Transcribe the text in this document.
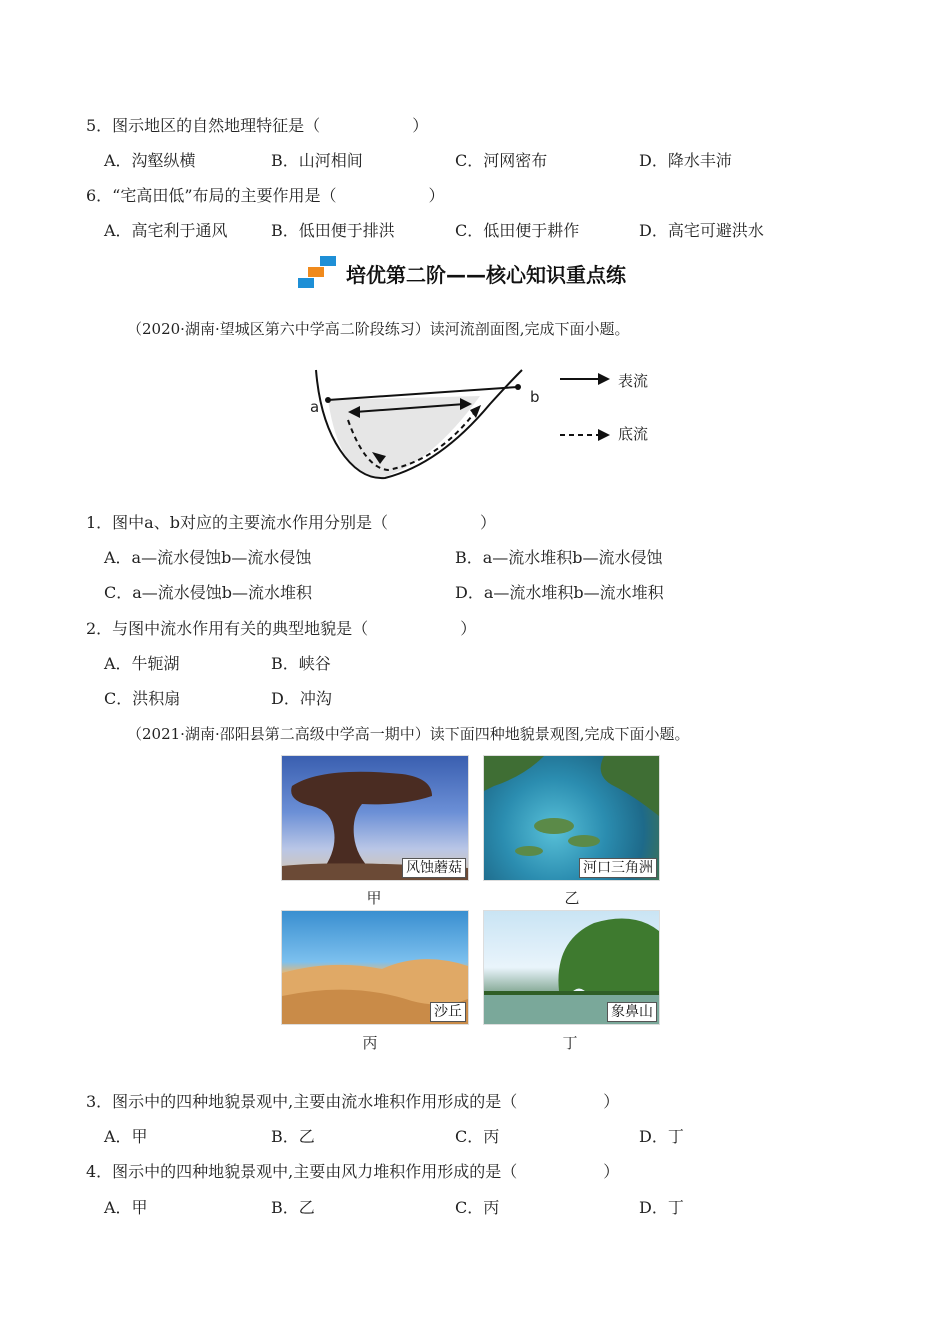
5．图示地区的自然地理特征是（	）
A．沟壑纵横	B．山河相间	C．河网密布	D．降水丰沛
6．“宅高田低”布局的主要作用是（	）
A．高宅利于通风	B．低田便于排洪	C．低田便于耕作	D．高宅可避洪水
培优第二阶——核心知识重点练
（2020·湖南·望城区第六中学高二阶段练习）读河流剖面图,完成下面小题。
a
b
表流
底流
1．图中a、b对应的主要流水作用分别是（	）
A．a—流水侵蚀b—流水侵蚀	B．a—流水堆积b—流水侵蚀
C．a—流水侵蚀b—流水堆积	D．a—流水堆积b—流水堆积
2．与图中流水作用有关的典型地貌是（	）
A．牛轭湖	B．峡谷
C．洪积扇	D．冲沟
（2021·湖南·邵阳县第二高级中学高一期中）读下面四种地貌景观图,完成下面小题。
风蚀蘑菇
甲
河口三角洲
乙
沙丘
丙
象鼻山
丁
3．图示中的四种地貌景观中,主要由流水堆积作用形成的是（	）
A．甲	B．乙	C．丙	D．丁
4．图示中的四种地貌景观中,主要由风力堆积作用形成的是（	）
A．甲	B．乙	C．丙	D．丁
